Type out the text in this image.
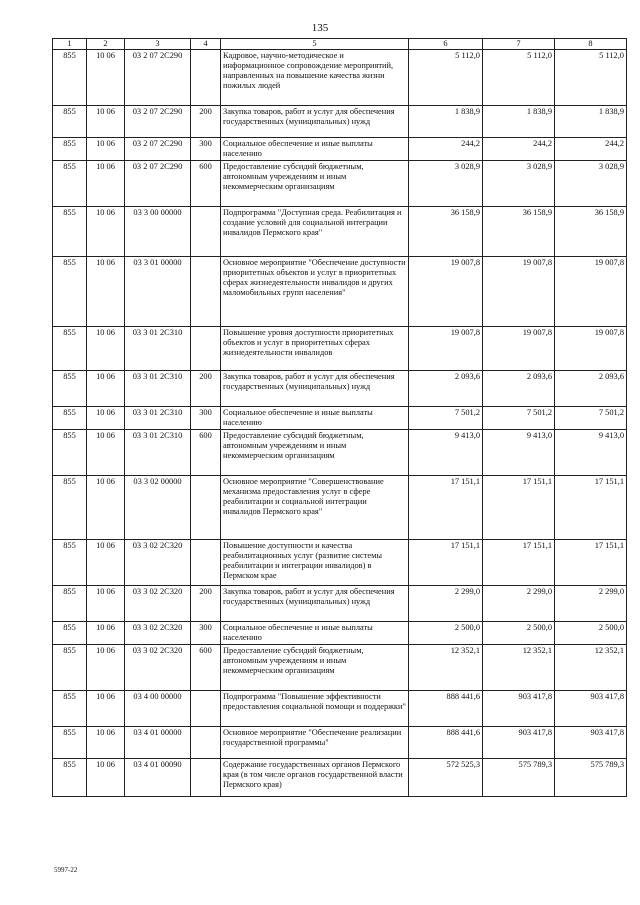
135
1	2	3	4	5	6	7	8
855	10 06	03 2 07 2C290		Кадровое, научно-методическое и информационное сопровождение мероприятий, направленных на повышение качества жизни пожилых людей	5 112,0	5 112,0	5 112,0
855	10 06	03 2 07 2C290	200	Закупка товаров, работ и услуг для обеспечения государственных (муниципальных) нужд	1 838,9	1 838,9	1 838,9
855	10 06	03 2 07 2C290	300	Социальное обеспечение и иные выплаты населению	244,2	244,2	244,2
855	10 06	03 2 07 2C290	600	Предоставление субсидий бюджетным, автономным учреждениям и иным некоммерческим организациям	3 028,9	3 028,9	3 028,9
855	10 06	03 3 00 00000		Подпрограмма "Доступная среда. Реабилитация и создание условий для социальной интеграции инвалидов Пермского края"	36 158,9	36 158,9	36 158,9
855	10 06	03 3 01 00000		Основное мероприятие "Обеспечение доступности приоритетных объектов и услуг в приоритетных сферах жизнедеятельности инвалидов и других маломобильных групп населения"	19 007,8	19 007,8	19 007,8
855	10 06	03 3 01 2C310		Повышение уровня доступности приоритетных объектов и услуг в приоритетных сферах жизнедеятельности инвалидов	19 007,8	19 007,8	19 007,8
855	10 06	03 3 01 2C310	200	Закупка товаров, работ и услуг для обеспечения государственных (муниципальных) нужд	2 093,6	2 093,6	2 093,6
855	10 06	03 3 01 2C310	300	Социальное обеспечение и иные выплаты населению	7 501,2	7 501,2	7 501,2
855	10 06	03 3 01 2C310	600	Предоставление субсидий бюджетным, автономным учреждениям и иным некоммерческим организациям	9 413,0	9 413,0	9 413,0
855	10 06	03 3 02 00000		Основное мероприятие "Совершенствование механизма предоставления услуг в сфере реабилитации и социальной интеграции инвалидов Пермского края"	17 151,1	17 151,1	17 151,1
855	10 06	03 3 02 2C320		Повышение доступности и качества реабилитационных услуг (развитие системы реабилитации и интеграции инвалидов) в Пермском крае	17 151,1	17 151,1	17 151,1
855	10 06	03 3 02 2C320	200	Закупка товаров, работ и услуг для обеспечения государственных (муниципальных) нужд	2 299,0	2 299,0	2 299,0
855	10 06	03 3 02 2C320	300	Социальное обеспечение и иные выплаты населению	2 500,0	2 500,0	2 500,0
855	10 06	03 3 02 2C320	600	Предоставление субсидий бюджетным, автономным учреждениям и иным некоммерческим организациям	12 352,1	12 352,1	12 352,1
855	10 06	03 4 00 00000		Подпрограмма "Повышение эффективности предоставления социальной помощи и поддержки"	888 441,6	903 417,8	903 417,8
855	10 06	03 4 01 00000		Основное мероприятие "Обеспечение реализации государственной программы"	888 441,6	903 417,8	903 417,8
855	10 06	03 4 01 00090		Содержание государственных органов Пермского края (в том числе органов государственной власти Пермского края)	572 525,3	575 789,3	575 789,3
5997-22
